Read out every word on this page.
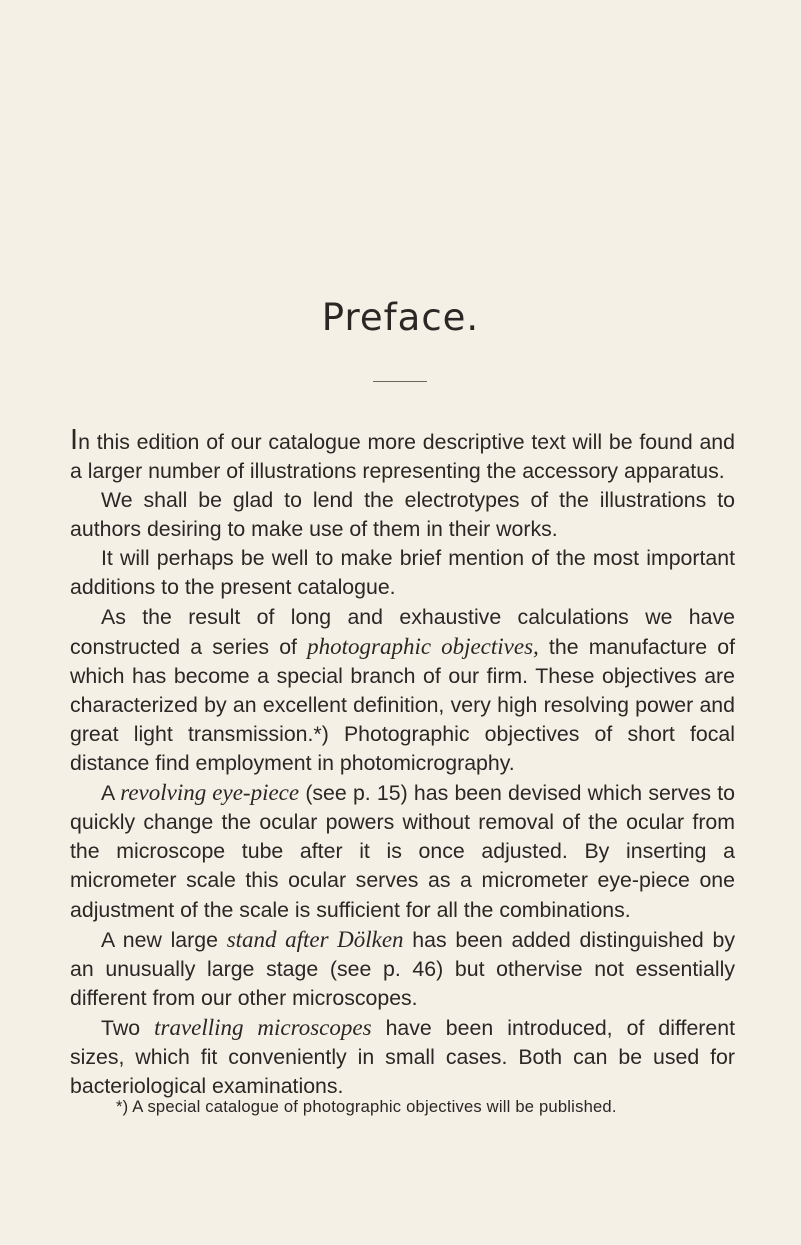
Preface.

In this edition of our catalogue more descriptive text will be found and a larger number of illustrations representing the accessory apparatus.

We shall be glad to lend the electrotypes of the illustrations to authors desiring to make use of them in their works.

It will perhaps be well to make brief mention of the most important additions to the present catalogue.

As the result of long and exhaustive calculations we have constructed a series of photographic objectives, the manufacture of which has become a special branch of our firm. These objectives are characterized by an excellent definition, very high resolving power and great light transmission.*) Photographic objectives of short focal distance find employment in photomicrography.

A revolving eye-piece (see p. 15) has been devised which serves to quickly change the ocular powers without removal of the ocular from the microscope tube after it is once adjusted. By inserting a micrometer scale this ocular serves as a micrometer eye-piece one adjustment of the scale is sufficient for all the combinations.

A new large stand after Dölken has been added distinguished by an unusually large stage (see p. 46) but othervise not essentially different from our other microscopes.

Two travelling microscopes have been introduced, of different sizes, which fit conveniently in small cases. Both can be used for bacteriological examinations.

*) A special catalogue of photographic objectives will be published.
